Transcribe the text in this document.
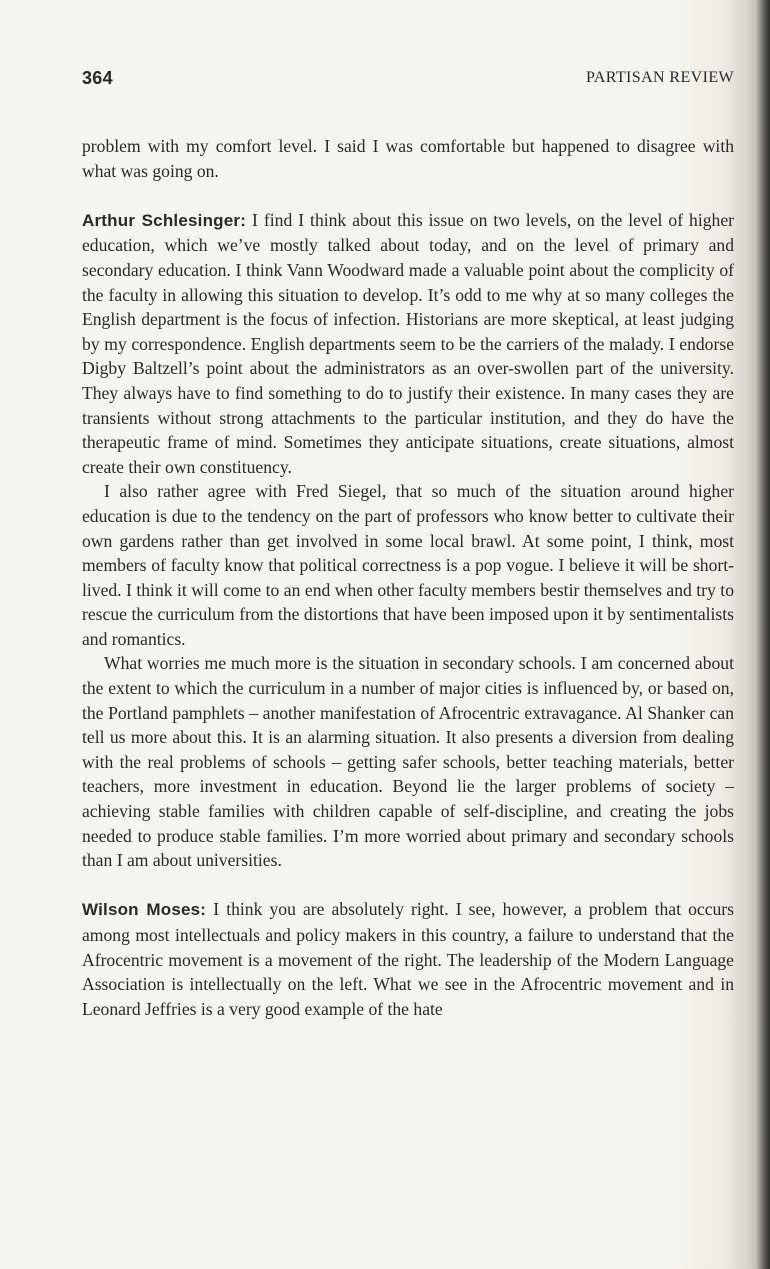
364	PARTISAN REVIEW

problem with my comfort level. I said I was comfortable but happened to disagree with what was going on.

Arthur Schlesinger: I find I think about this issue on two levels, on the level of higher education, which we’ve mostly talked about today, and on the level of primary and secondary education. I think Vann Woodward made a valuable point about the complicity of the faculty in allowing this situation to develop. It’s odd to me why at so many colleges the English department is the focus of infection. Historians are more skeptical, at least judging by my correspondence. English departments seem to be the carriers of the malady. I endorse Digby Baltzell’s point about the administrators as an over-swollen part of the university. They always have to find something to do to justify their existence. In many cases they are transients without strong attachments to the particular institution, and they do have the therapeutic frame of mind. Sometimes they anticipate situations, create situations, almost create their own constituency.

I also rather agree with Fred Siegel, that so much of the situation around higher education is due to the tendency on the part of professors who know better to cultivate their own gardens rather than get involved in some local brawl. At some point, I think, most members of faculty know that political correctness is a pop vogue. I believe it will be shortlived. I think it will come to an end when other faculty members bestir themselves and try to rescue the curriculum from the distortions that have been imposed upon it by sentimentalists and romantics.

What worries me much more is the situation in secondary schools. I am concerned about the extent to which the curriculum in a number of major cities is influenced by, or based on, the Portland pamphlets – another manifestation of Afrocentric extravagance. Al Shanker can tell us more about this. It is an alarming situation. It also presents a diversion from dealing with the real problems of schools – getting safer schools, better teaching materials, better teachers, more investment in education. Beyond lie the larger problems of society – achieving stable families with children capable of self-discipline, and creating the jobs needed to produce stable families. I’m more worried about primary and secondary schools than I am about universities.

Wilson Moses: I think you are absolutely right. I see, however, a problem that occurs among most intellectuals and policy makers in this country, a failure to understand that the Afrocentric movement is a movement of the right. The leadership of the Modern Language Association is intellectually on the left. What we see in the Afrocentric movement and in Leonard Jeffries is a very good example of the hate
